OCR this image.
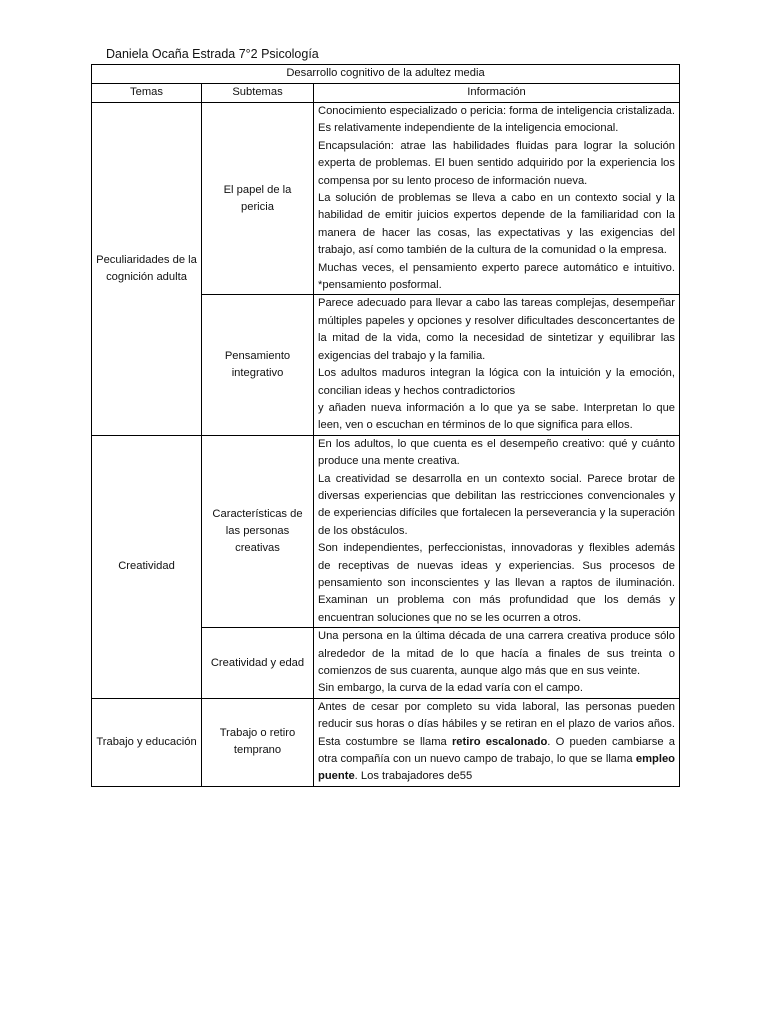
Daniela Ocaña Estrada 7°2 Psicología
Desarrollo cognitivo de la adultez media		
Temas	Subtemas	Información
Peculiaridades de la cognición adulta	El papel de la pericia	Conocimiento especializado o pericia: forma de inteligencia cristalizada. Es relativamente independiente de la inteligencia emocional.

Encapsulación: atrae las habilidades fluidas para lograr la solución experta de problemas. El buen sentido adquirido por la experiencia los compensa por su lento proceso de información nueva.

La solución de problemas se lleva a cabo en un contexto social y la habilidad de emitir juicios expertos depende de la familiaridad con la manera de hacer las cosas, las expectativas y las exigencias del trabajo, así como también de la cultura de la comunidad o la empresa.

Muchas veces, el pensamiento experto parece automático e intuitivo. *pensamiento posformal.

	Pensamiento integrativo	Parece adecuado para llevar a cabo las tareas complejas, desempeñar múltiples papeles y opciones y resolver dificultades desconcertantes de la mitad de la vida, como la necesidad de sintetizar y equilibrar las exigencias del trabajo y la familia.

Los adultos maduros integran la lógica con la intuición y la emoción, concilian ideas y hechos contradictorios

y añaden nueva información a lo que ya se sabe. Interpretan lo que leen, ven o escuchan en términos de lo que significa para ellos.

Creatividad	Características de las personas creativas	En los adultos, lo que cuenta es el desempeño creativo: qué y cuánto produce una mente creativa.

La creatividad se desarrolla en un contexto social. Parece brotar de diversas experiencias que debilitan las restricciones convencionales y de experiencias difíciles que fortalecen la perseverancia y la superación de los obstáculos.

Son independientes, perfeccionistas, innovadoras y flexibles además de receptivas de nuevas ideas y experiencias. Sus procesos de pensamiento son inconscientes y las llevan a raptos de iluminación. Examinan un problema con más profundidad que los demás y encuentran soluciones que no se les ocurren a otros.

	Creatividad y edad	Una persona en la última década de una carrera creativa produce sólo alrededor de la mitad de lo que hacía a finales de sus treinta o comienzos de sus cuarenta, aunque algo más que en sus veinte.

Sin embargo, la curva de la edad varía con el campo.

Trabajo y educación	Trabajo o retiro temprano	Antes de cesar por completo su vida laboral, las personas pueden reducir sus horas o días hábiles y se retiran en el plazo de varios años. Esta costumbre se llama retiro escalonado. O pueden cambiarse a otra compañía con un nuevo campo de trabajo, lo que se llama empleo puente. Los trabajadores de55
